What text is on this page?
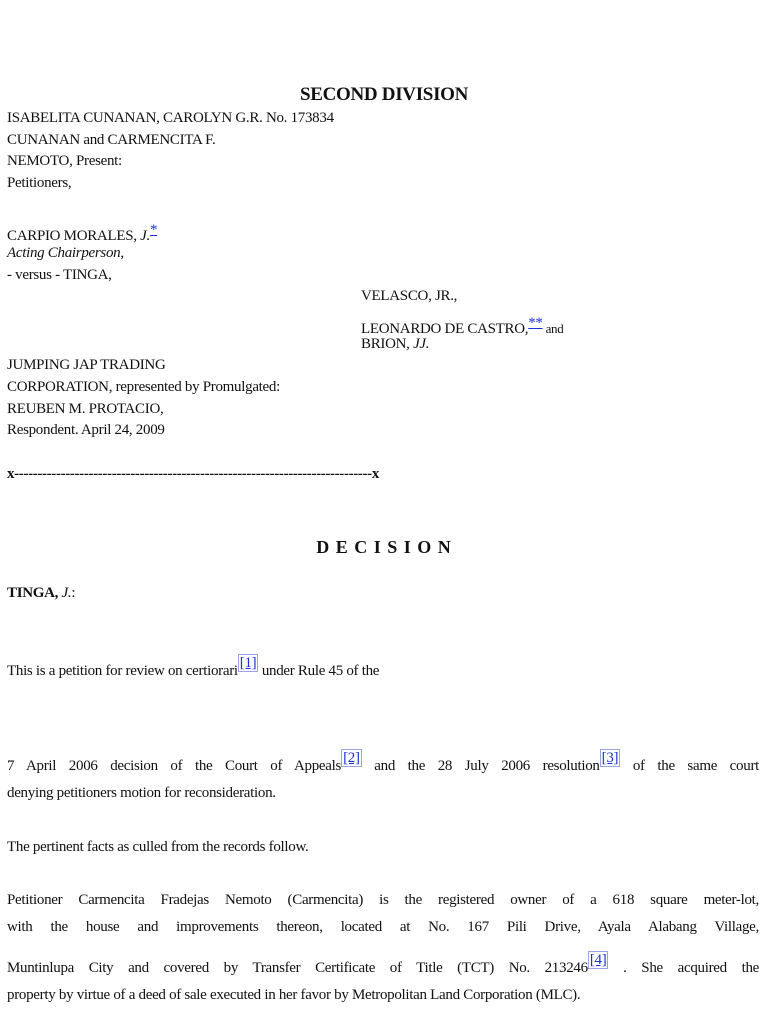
SECOND DIVISION
ISABELITA CUNANAN, CAROLYN G.R. No. 173834
CUNANAN and CARMENCITA F.
NEMOTO, Present:
Petitioners,
CARPIO MORALES, J.*
Acting Chairperson,
- versus - TINGA,
VELASCO, JR.,
LEONARDO DE CASTRO,** and
BRION, JJ.
JUMPING JAP TRADING
CORPORATION, represented by Promulgated:
REUBEN M. PROTACIO,
Respondent. April 24, 2009
x-----------------------------------------------------------------------------x
D E C I S I O N
TINGA, J.:
This is a petition for review on certiorari [1] under Rule 45 of the
7 April 2006 decision of the Court of Appeals [2] and the 28 July 2006 resolution [3] of the same court
denying petitioners motion for reconsideration.
The pertinent facts as culled from the records follow.
Petitioner Carmencita Fradejas Nemoto (Carmencita) is the registered owner of a 618 square meter-lot,
with the house and improvements thereon, located at No. 167 Pili Drive, Ayala Alabang Village,
Muntinlupa City and covered by Transfer Certificate of Title (TCT) No. 213246 [4] . She acquired the
property by virtue of a deed of sale executed in her favor by Metropolitan Land Corporation (MLC).
